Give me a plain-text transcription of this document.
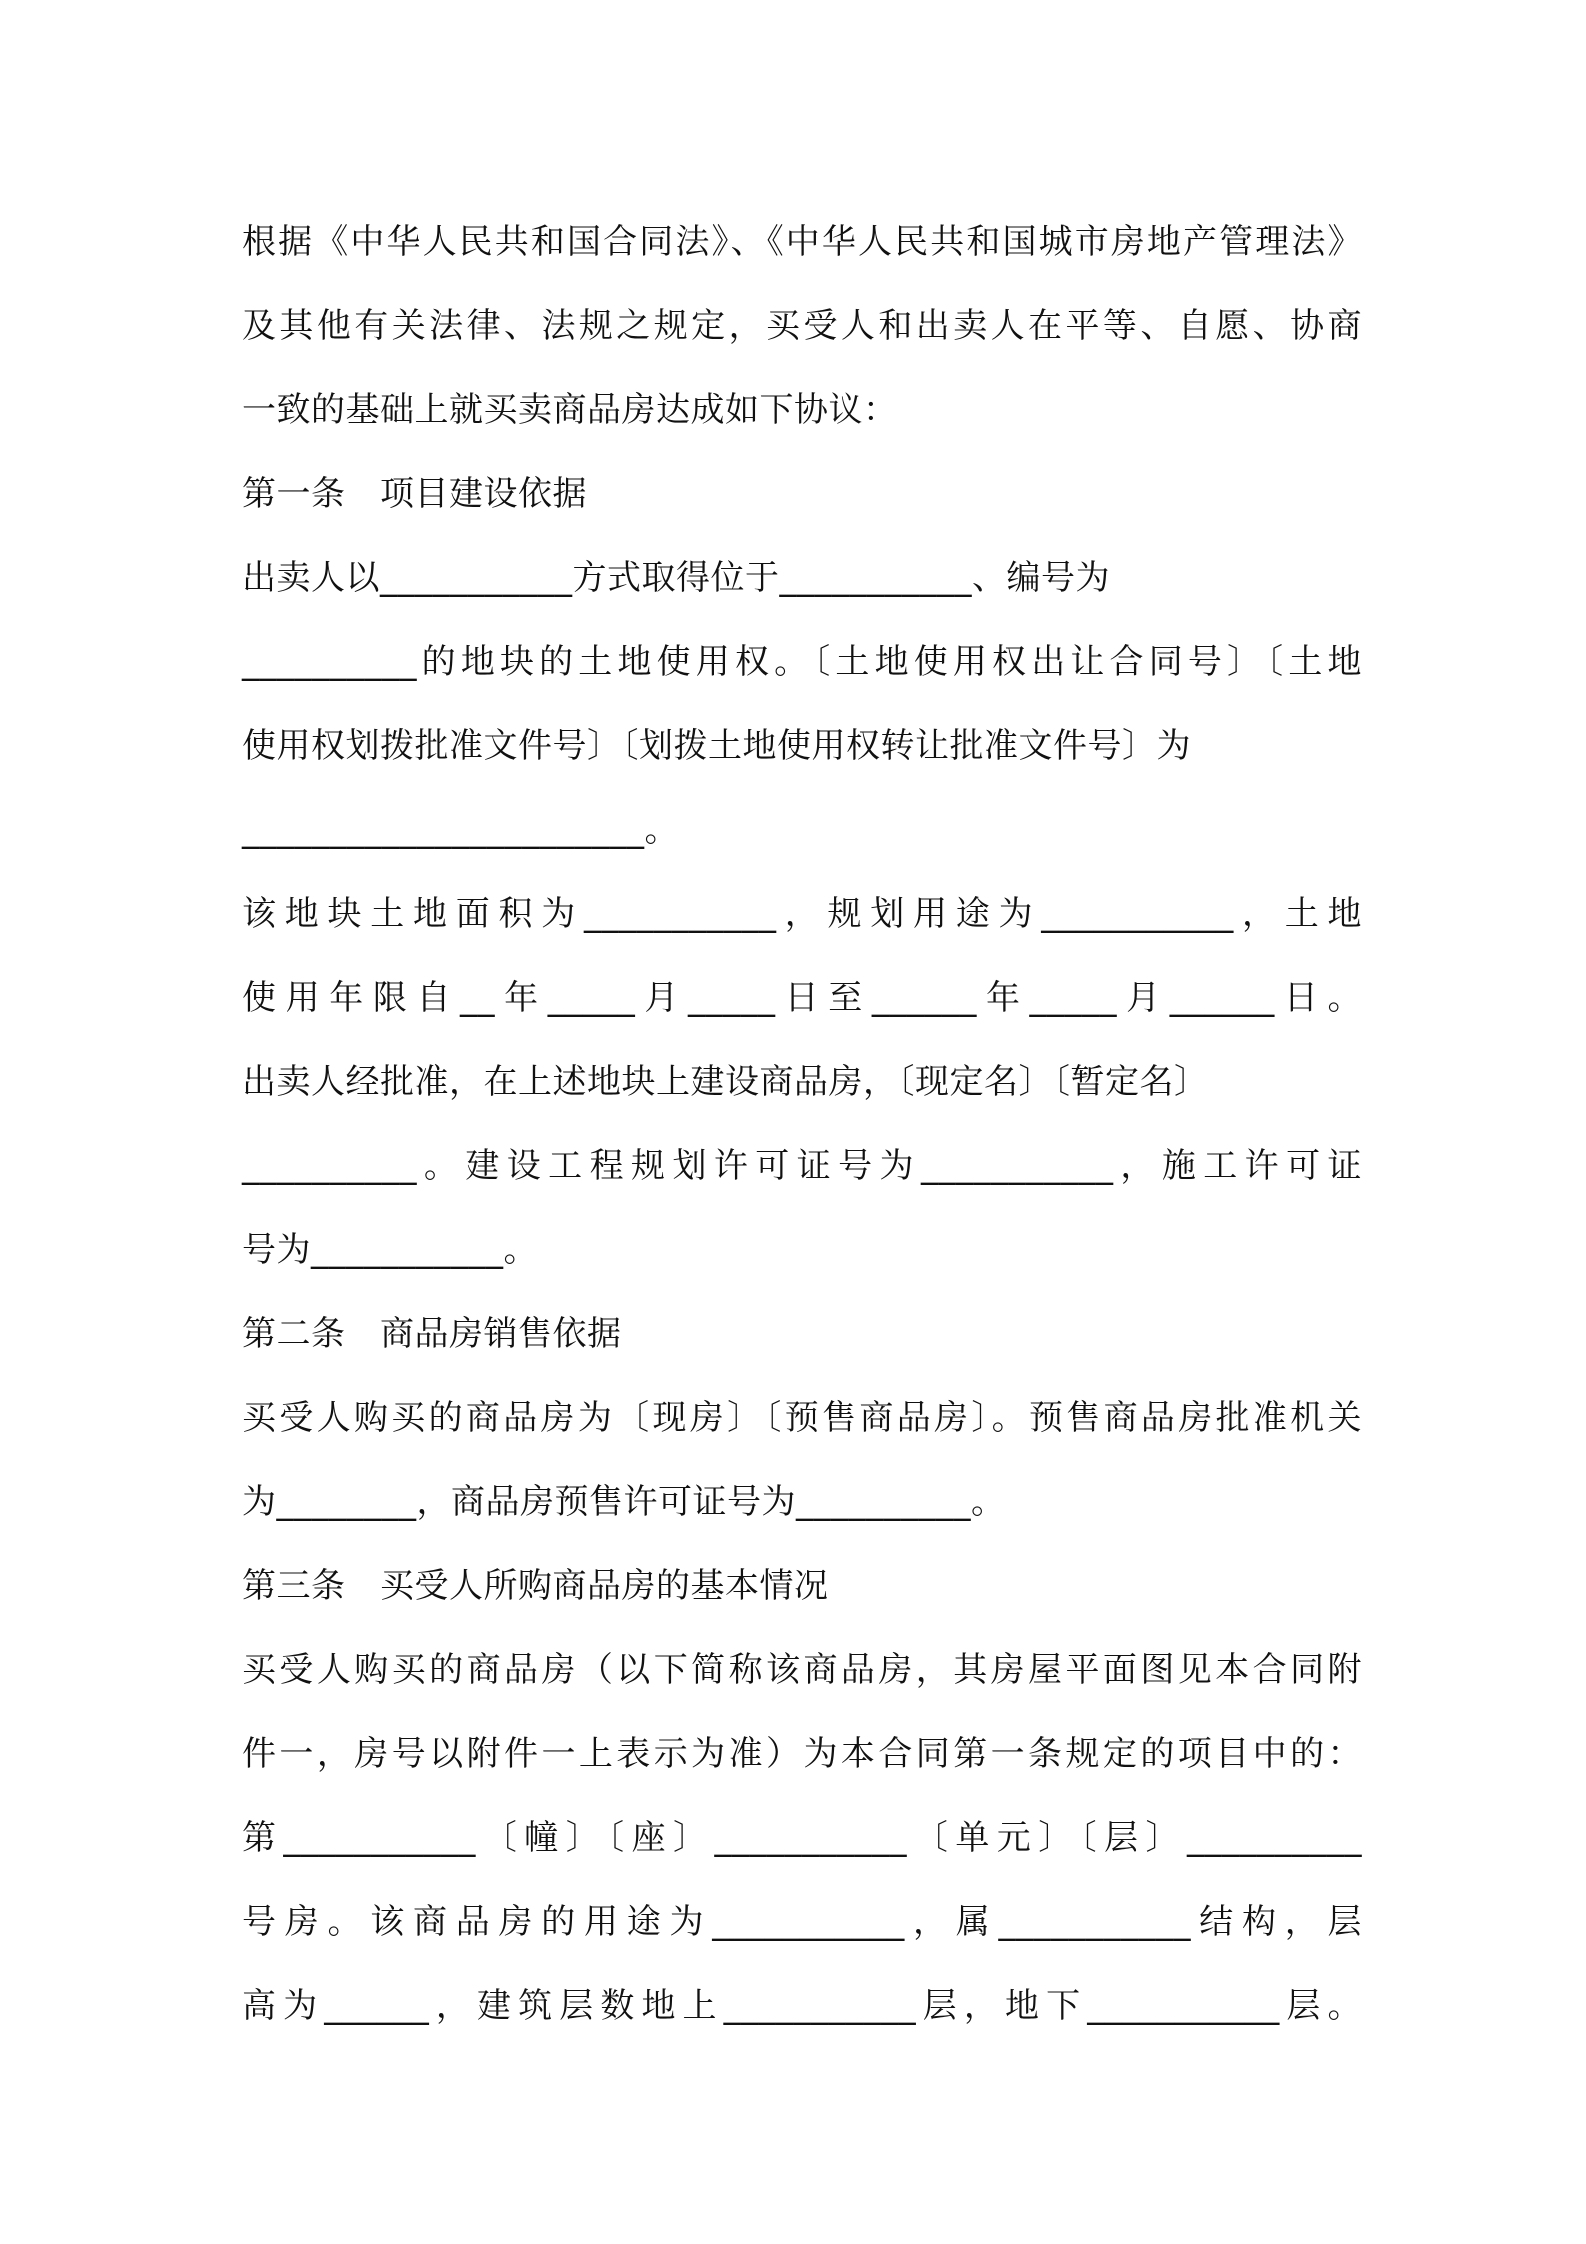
根据《中华人民共和国合同法》、《中华人民共和国城市房地产管理法》
及其他有关法律、法规之规定，买受人和出卖人在平等、自愿、协商
一致的基础上就买卖商品房达成如下协议：
第一条　项目建设依据
出卖人以___________方式取得位于___________、编号为
__________的地块的土地使用权。〔土地使用权出让合同号〕〔土地
使用权划拨批准文件号〕〔划拨土地使用权转让批准文件号〕为
_______________________。
该地块土地面积为___________，规划用途为___________，土地
使用年限自__年_____月_____日至______年_____月______日。
出卖人经批准，在上述地块上建设商品房，〔现定名〕〔暂定名〕
__________。建设工程规划许可证号为___________，施工许可证
号为___________。
第二条　商品房销售依据
买受人购买的商品房为〔现房〕〔预售商品房〕。预售商品房批准机关
为________，商品房预售许可证号为__________。
第三条　买受人所购商品房的基本情况
买受人购买的商品房（以下简称该商品房，其房屋平面图见本合同附
件一，房号以附件一上表示为准）为本合同第一条规定的项目中的：
第___________〔幢〕〔座〕___________〔单元〕〔层〕__________
号房。该商品房的用途为___________，属___________结构，层
高为______，建筑层数地上___________层，地下___________层。
